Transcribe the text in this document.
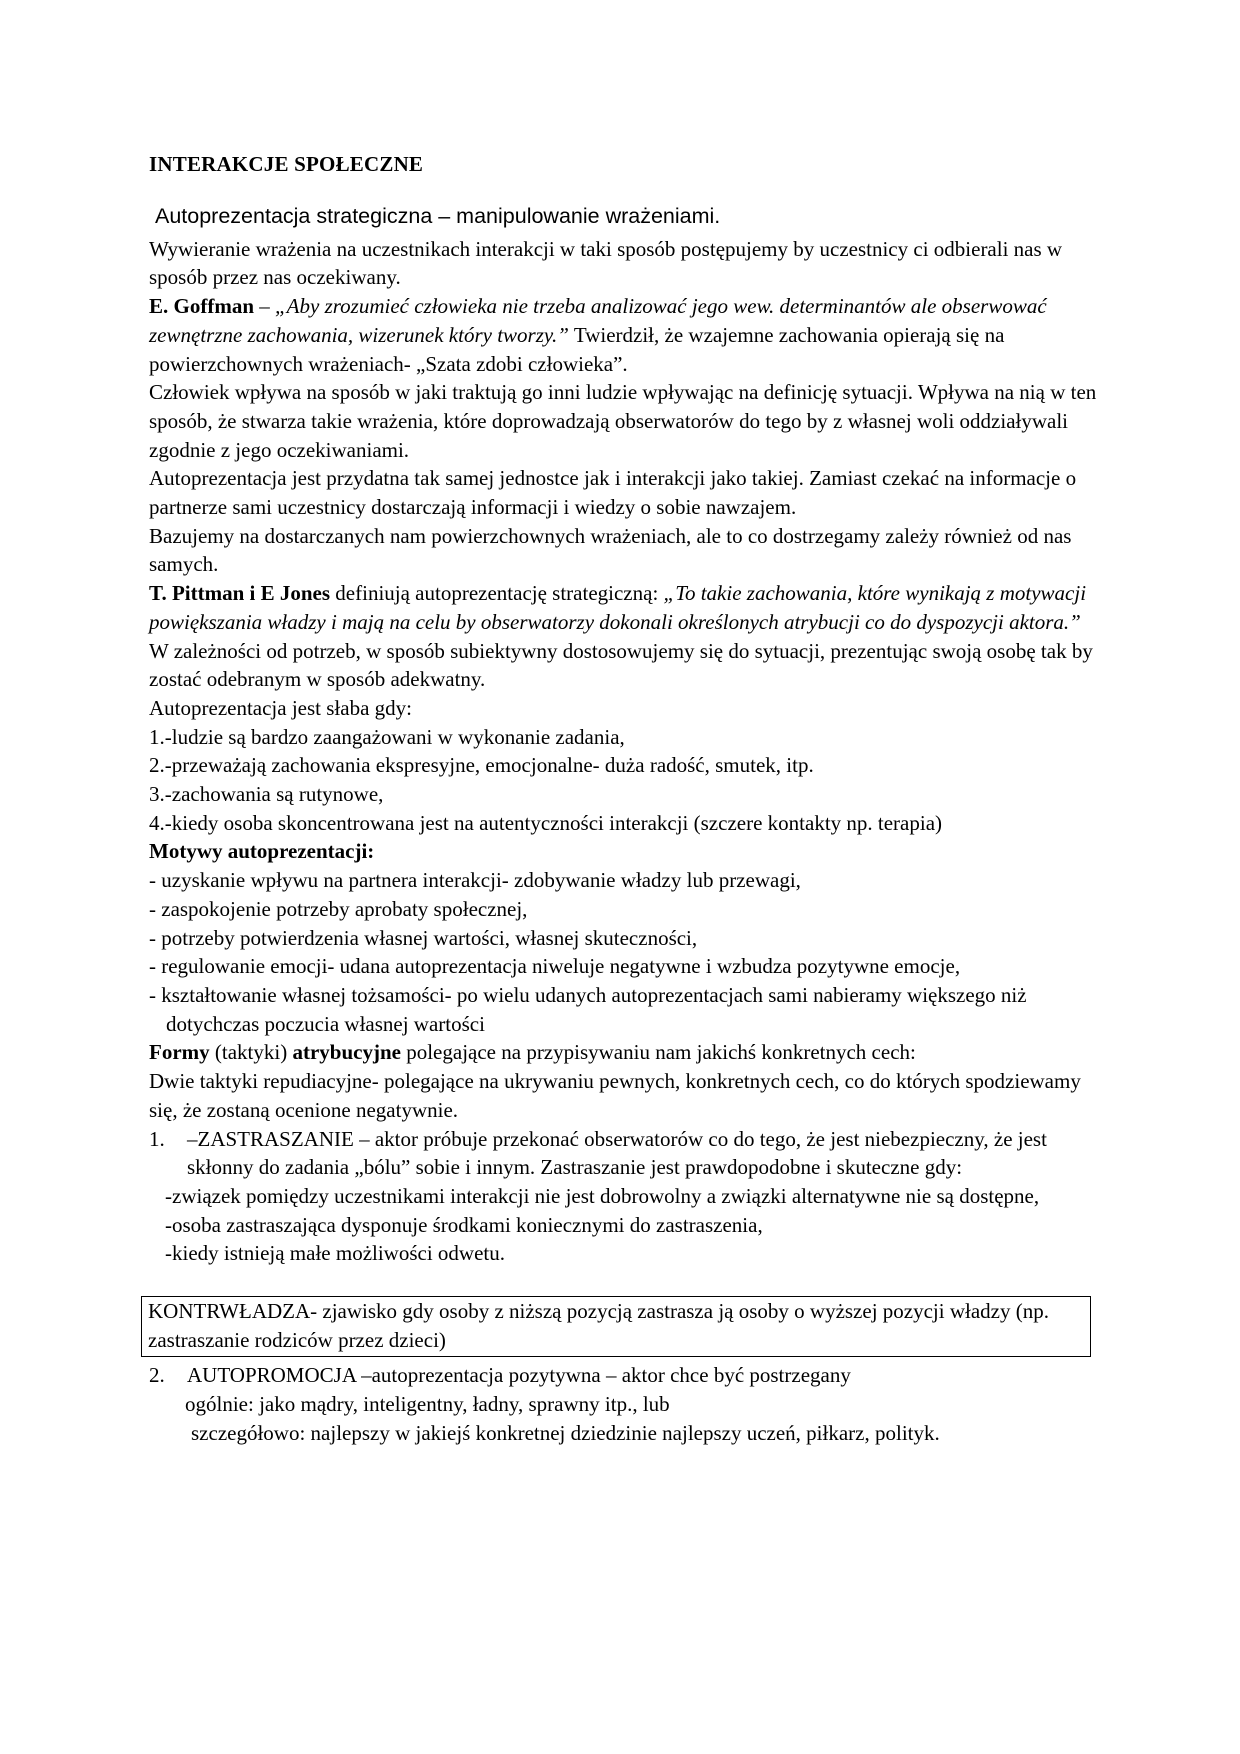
INTERAKCJE SPOŁECZNE
Autoprezentacja strategiczna – manipulowanie wrażeniami.

Wywieranie wrażenia na uczestnikach interakcji w taki sposób postępujemy by uczestnicy ci odbierali nas w sposób przez nas oczekiwany.

E. Goffman – „Aby zrozumieć człowieka nie trzeba analizować jego wew. determinantów ale obserwować zewnętrzne zachowania, wizerunek który tworzy.” Twierdził, że wzajemne zachowania opierają się na powierzchownych wrażeniach- „Szata zdobi człowieka”.

Człowiek wpływa na sposób w jaki traktują go inni ludzie wpływając na definicję sytuacji. Wpływa na nią w ten sposób, że stwarza takie wrażenia, które doprowadzają obserwatorów do tego by z własnej woli oddziaływali zgodnie z jego oczekiwaniami.

Autoprezentacja jest przydatna tak samej jednostce jak i interakcji jako takiej. Zamiast czekać na informacje o partnerze sami uczestnicy dostarczają informacji i wiedzy o sobie nawzajem.

Bazujemy na dostarczanych nam powierzchownych wrażeniach, ale to co dostrzegamy zależy również od nas samych.

T. Pittman i E Jones definiują autoprezentację strategiczną: „To takie zachowania, które wynikają z motywacji powiększania władzy i mają na celu by obserwatorzy dokonali określonych atrybucji co do dyspozycji aktora.”

W zależności od potrzeb, w sposób subiektywny dostosowujemy się do sytuacji, prezentując swoją osobę tak by zostać odebranym w sposób adekwatny.

Autoprezentacja jest słaba gdy:

1.-ludzie są bardzo zaangażowani w wykonanie zadania,

2.-przeważają zachowania ekspresyjne, emocjonalne- duża radość, smutek, itp.

3.-zachowania są rutynowe,

4.-kiedy osoba skoncentrowana jest na autentyczności interakcji (szczere kontakty np. terapia)

Motywy autoprezentacji:

- uzyskanie wpływu na partnera interakcji- zdobywanie władzy lub przewagi,

- zaspokojenie potrzeby aprobaty społecznej,

- potrzeby potwierdzenia własnej wartości, własnej skuteczności,

- regulowanie emocji- udana autoprezentacja niweluje negatywne i wzbudza pozytywne emocje,

- kształtowanie własnej tożsamości- po wielu udanych autoprezentacjach sami nabieramy większego niż dotychczas poczucia własnej wartości

Formy (taktyki) atrybucyjne polegające na przypisywaniu nam jakichś konkretnych cech:

Dwie taktyki repudiacyjne- polegające na ukrywaniu pewnych, konkretnych cech, co do których spodziewamy się, że zostaną ocenione negatywnie.

1.	–ZASTRASZANIE – aktor próbuje przekonać obserwatorów co do tego, że jest niebezpieczny, że jest skłonny do zadania „bólu” sobie i innym. Zastraszanie jest prawdopodobne i skuteczne gdy:

-związek pomiędzy uczestnikami interakcji nie jest dobrowolny a związki alternatywne nie są dostępne,

-osoba zastraszająca dysponuje środkami koniecznymi do zastraszenia,

-kiedy istnieją małe możliwości odwetu.

KONTRWŁADZA- zjawisko gdy osoby z niższą pozycją zastrasza ją osoby o wyższej pozycji władzy (np. zastraszanie rodziców przez dzieci)
2.	AUTOPROMOCJA –autoprezentacja pozytywna – aktor chce być postrzegany

ogólnie: jako mądry, inteligentny, ładny, sprawny itp., lub

szczegółowo: najlepszy w jakiejś konkretnej dziedzinie najlepszy uczeń, piłkarz, polityk.
